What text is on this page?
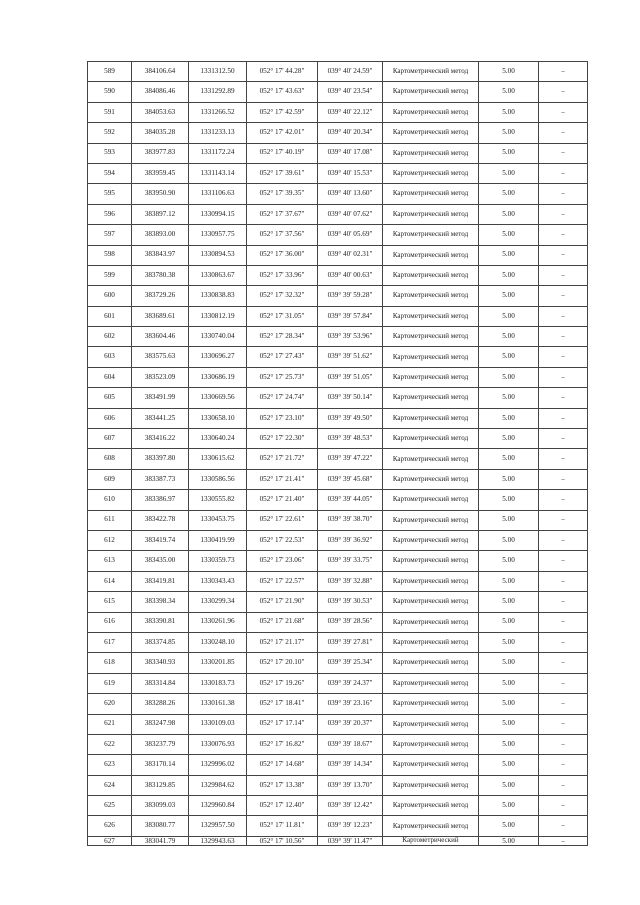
589	384106.64	1331312.50	052° 17' 44.28"	039° 40' 24.59"	Картометрический метод	5.00	–
590	384086.46	1331292.89	052° 17' 43.63"	039° 40' 23.54"	Картометрический метод	5.00	–
591	384053.63	1331266.52	052° 17' 42.59"	039° 40' 22.12"	Картометрический метод	5.00	–
592	384035.28	1331233.13	052° 17' 42.01"	039° 40' 20.34"	Картометрический метод	5.00	–
593	383977.83	1331172.24	052° 17' 40.19"	039° 40' 17.08"	Картометрический метод	5.00	–
594	383959.45	1331143.14	052° 17' 39.61"	039° 40' 15.53"	Картометрический метод	5.00	–
595	383950.90	1331106.63	052° 17' 39.35"	039° 40' 13.60"	Картометрический метод	5.00	–
596	383897.12	1330994.15	052° 17' 37.67"	039° 40' 07.62"	Картометрический метод	5.00	–
597	383893.00	1330957.75	052° 17' 37.56"	039° 40' 05.69"	Картометрический метод	5.00	–
598	383843.97	1330894.53	052° 17' 36.00"	039° 40' 02.31"	Картометрический метод	5.00	–
599	383780.38	1330863.67	052° 17' 33.96"	039° 40' 00.63"	Картометрический метод	5.00	–
600	383729.26	1330838.83	052° 17' 32.32"	039° 39' 59.28"	Картометрический метод	5.00	–
601	383689.61	1330812.19	052° 17' 31.05"	039° 39' 57.84"	Картометрический метод	5.00	–
602	383604.46	1330740.04	052° 17' 28.34"	039° 39' 53.96"	Картометрический метод	5.00	–
603	383575.63	1330696.27	052° 17' 27.43"	039° 39' 51.62"	Картометрический метод	5.00	–
604	383523.09	1330686.19	052° 17' 25.73"	039° 39' 51.05"	Картометрический метод	5.00	–
605	383491.99	1330669.56	052° 17' 24.74"	039° 39' 50.14"	Картометрический метод	5.00	–
606	383441.25	1330658.10	052° 17' 23.10"	039° 39' 49.50"	Картометрический метод	5.00	–
607	383416.22	1330640.24	052° 17' 22.30"	039° 39' 48.53"	Картометрический метод	5.00	–
608	383397.80	1330615.62	052° 17' 21.72"	039° 39' 47.22"	Картометрический метод	5.00	–
609	383387.73	1330586.56	052° 17' 21.41"	039° 39' 45.68"	Картометрический метод	5.00	–
610	383386.97	1330555.82	052° 17' 21.40"	039° 39' 44.05"	Картометрический метод	5.00	–
611	383422.78	1330453.75	052° 17' 22.61"	039° 39' 38.70"	Картометрический метод	5.00	–
612	383419.74	1330419.99	052° 17' 22.53"	039° 39' 36.92"	Картометрический метод	5.00	–
613	383435.00	1330359.73	052° 17' 23.06"	039° 39' 33.75"	Картометрический метод	5.00	–
614	383419.81	1330343.43	052° 17' 22.57"	039° 39' 32.88"	Картометрический метод	5.00	–
615	383398.34	1330299.34	052° 17' 21.90"	039° 39' 30.53"	Картометрический метод	5.00	–
616	383390.81	1330261.96	052° 17' 21.68"	039° 39' 28.56"	Картометрический метод	5.00	–
617	383374.85	1330248.10	052° 17' 21.17"	039° 39' 27.81"	Картометрический метод	5.00	–
618	383340.93	1330201.85	052° 17' 20.10"	039° 39' 25.34"	Картометрический метод	5.00	–
619	383314.84	1330183.73	052° 17' 19.26"	039° 39' 24.37"	Картометрический метод	5.00	–
620	383288.26	1330161.38	052° 17' 18.41"	039° 39' 23.16"	Картометрический метод	5.00	–
621	383247.98	1330109.03	052° 17' 17.14"	039° 39' 20.37"	Картометрический метод	5.00	–
622	383237.79	1330076.93	052° 17' 16.82"	039° 39' 18.67"	Картометрический метод	5.00	–
623	383170.14	1329996.02	052° 17' 14.68"	039° 39' 14.34"	Картометрический метод	5.00	–
624	383129.85	1329984.62	052° 17' 13.38"	039° 39' 13.70"	Картометрический метод	5.00	–
625	383099.03	1329960.84	052° 17' 12.40"	039° 39' 12.42"	Картометрический метод	5.00	–
626	383080.77	1329957.50	052° 17' 11.81"	039° 39' 12.23"	Картометрический метод	5.00	–
627	383041.79	1329943.63	052° 17' 10.56"	039° 39' 11.47"	Картометрический	5.00	–
